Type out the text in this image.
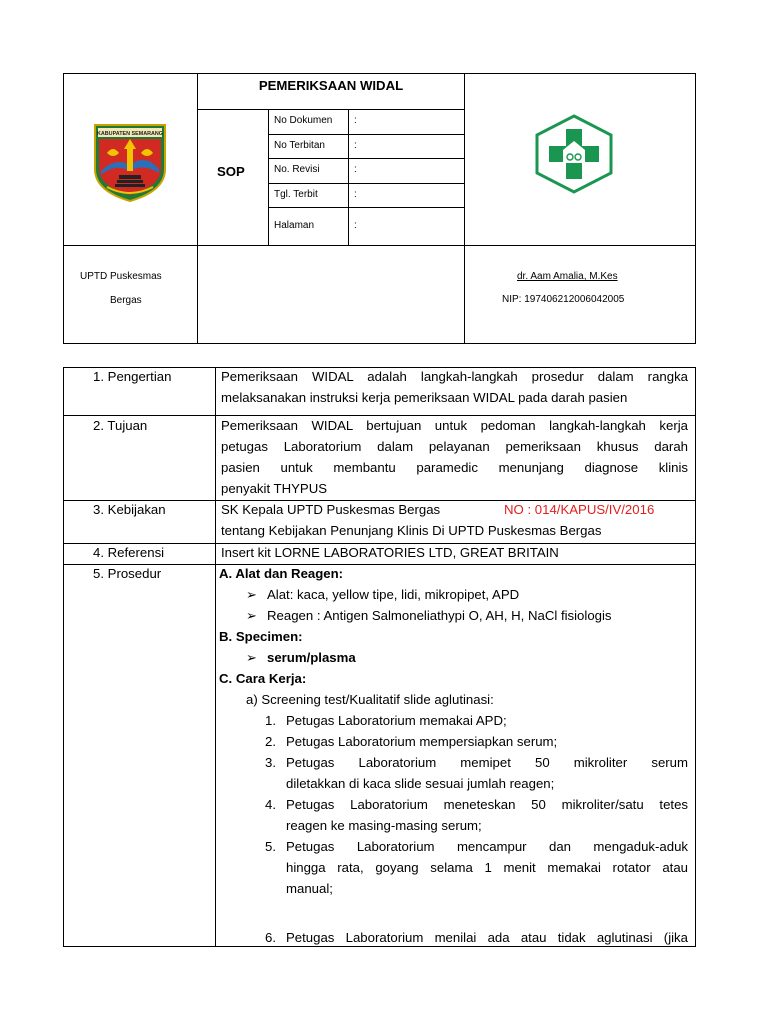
PEMERIKSAAN WIDAL
SOP
No Dokumen :
No Terbitan	:
No. Revisi	:
Tgl. Terbit	:
Halaman	:
KABUPATEN SEMARANG
UPTD Puskesmas
Bergas
dr. Aam Amalia, M.Kes
NIP: 197406212006042005
1. Pengertian	Pemeriksaan WIDAL adalah langkah-langkah prosedur dalam rangka
melaksanakan instruksi kerja pemeriksaan WIDAL pada darah pasien
2. Tujuan	Pemeriksaan WIDAL bertujuan untuk pedoman langkah-langkah kerja
petugas Laboratorium dalam pelayanan pemeriksaan khusus darah
pasien untuk membantu paramedic menunjang diagnose klinis
penyakit THYPUS
3. Kebijakan	SK Kepala UPTD Puskesmas Bergas	NO : 014/KAPUS/IV/2016
tentang Kebijakan Penunjang Klinis Di UPTD Puskesmas Bergas
4. Referensi	Insert kit LORNE LABORATORIES LTD, GREAT BRITAIN
5. Prosedur	A. Alat dan Reagen:
➢ Alat: kaca, yellow tipe, lidi, mikropipet, APD
➢ Reagen : Antigen Salmoneliathypi O, AH, H, NaCl fisiologis
B. Specimen:
➢ serum/plasma
C. Cara Kerja:
a) Screening test/Kualitatif slide aglutinasi:
1. Petugas Laboratorium memakai APD;
2. Petugas Laboratorium mempersiapkan serum;
3. Petugas Laboratorium memipet 50 mikroliter serum
diletakkan di kaca slide sesuai jumlah reagen;
4. Petugas Laboratorium meneteskan 50 mikroliter/satu tetes
reagen ke masing-masing serum;
5. Petugas Laboratorium mencampur dan mengaduk-aduk
hingga rata, goyang selama 1 menit memakai rotator atau
manual;
6. Petugas Laboratorium menilai ada atau tidak aglutinasi (jika
